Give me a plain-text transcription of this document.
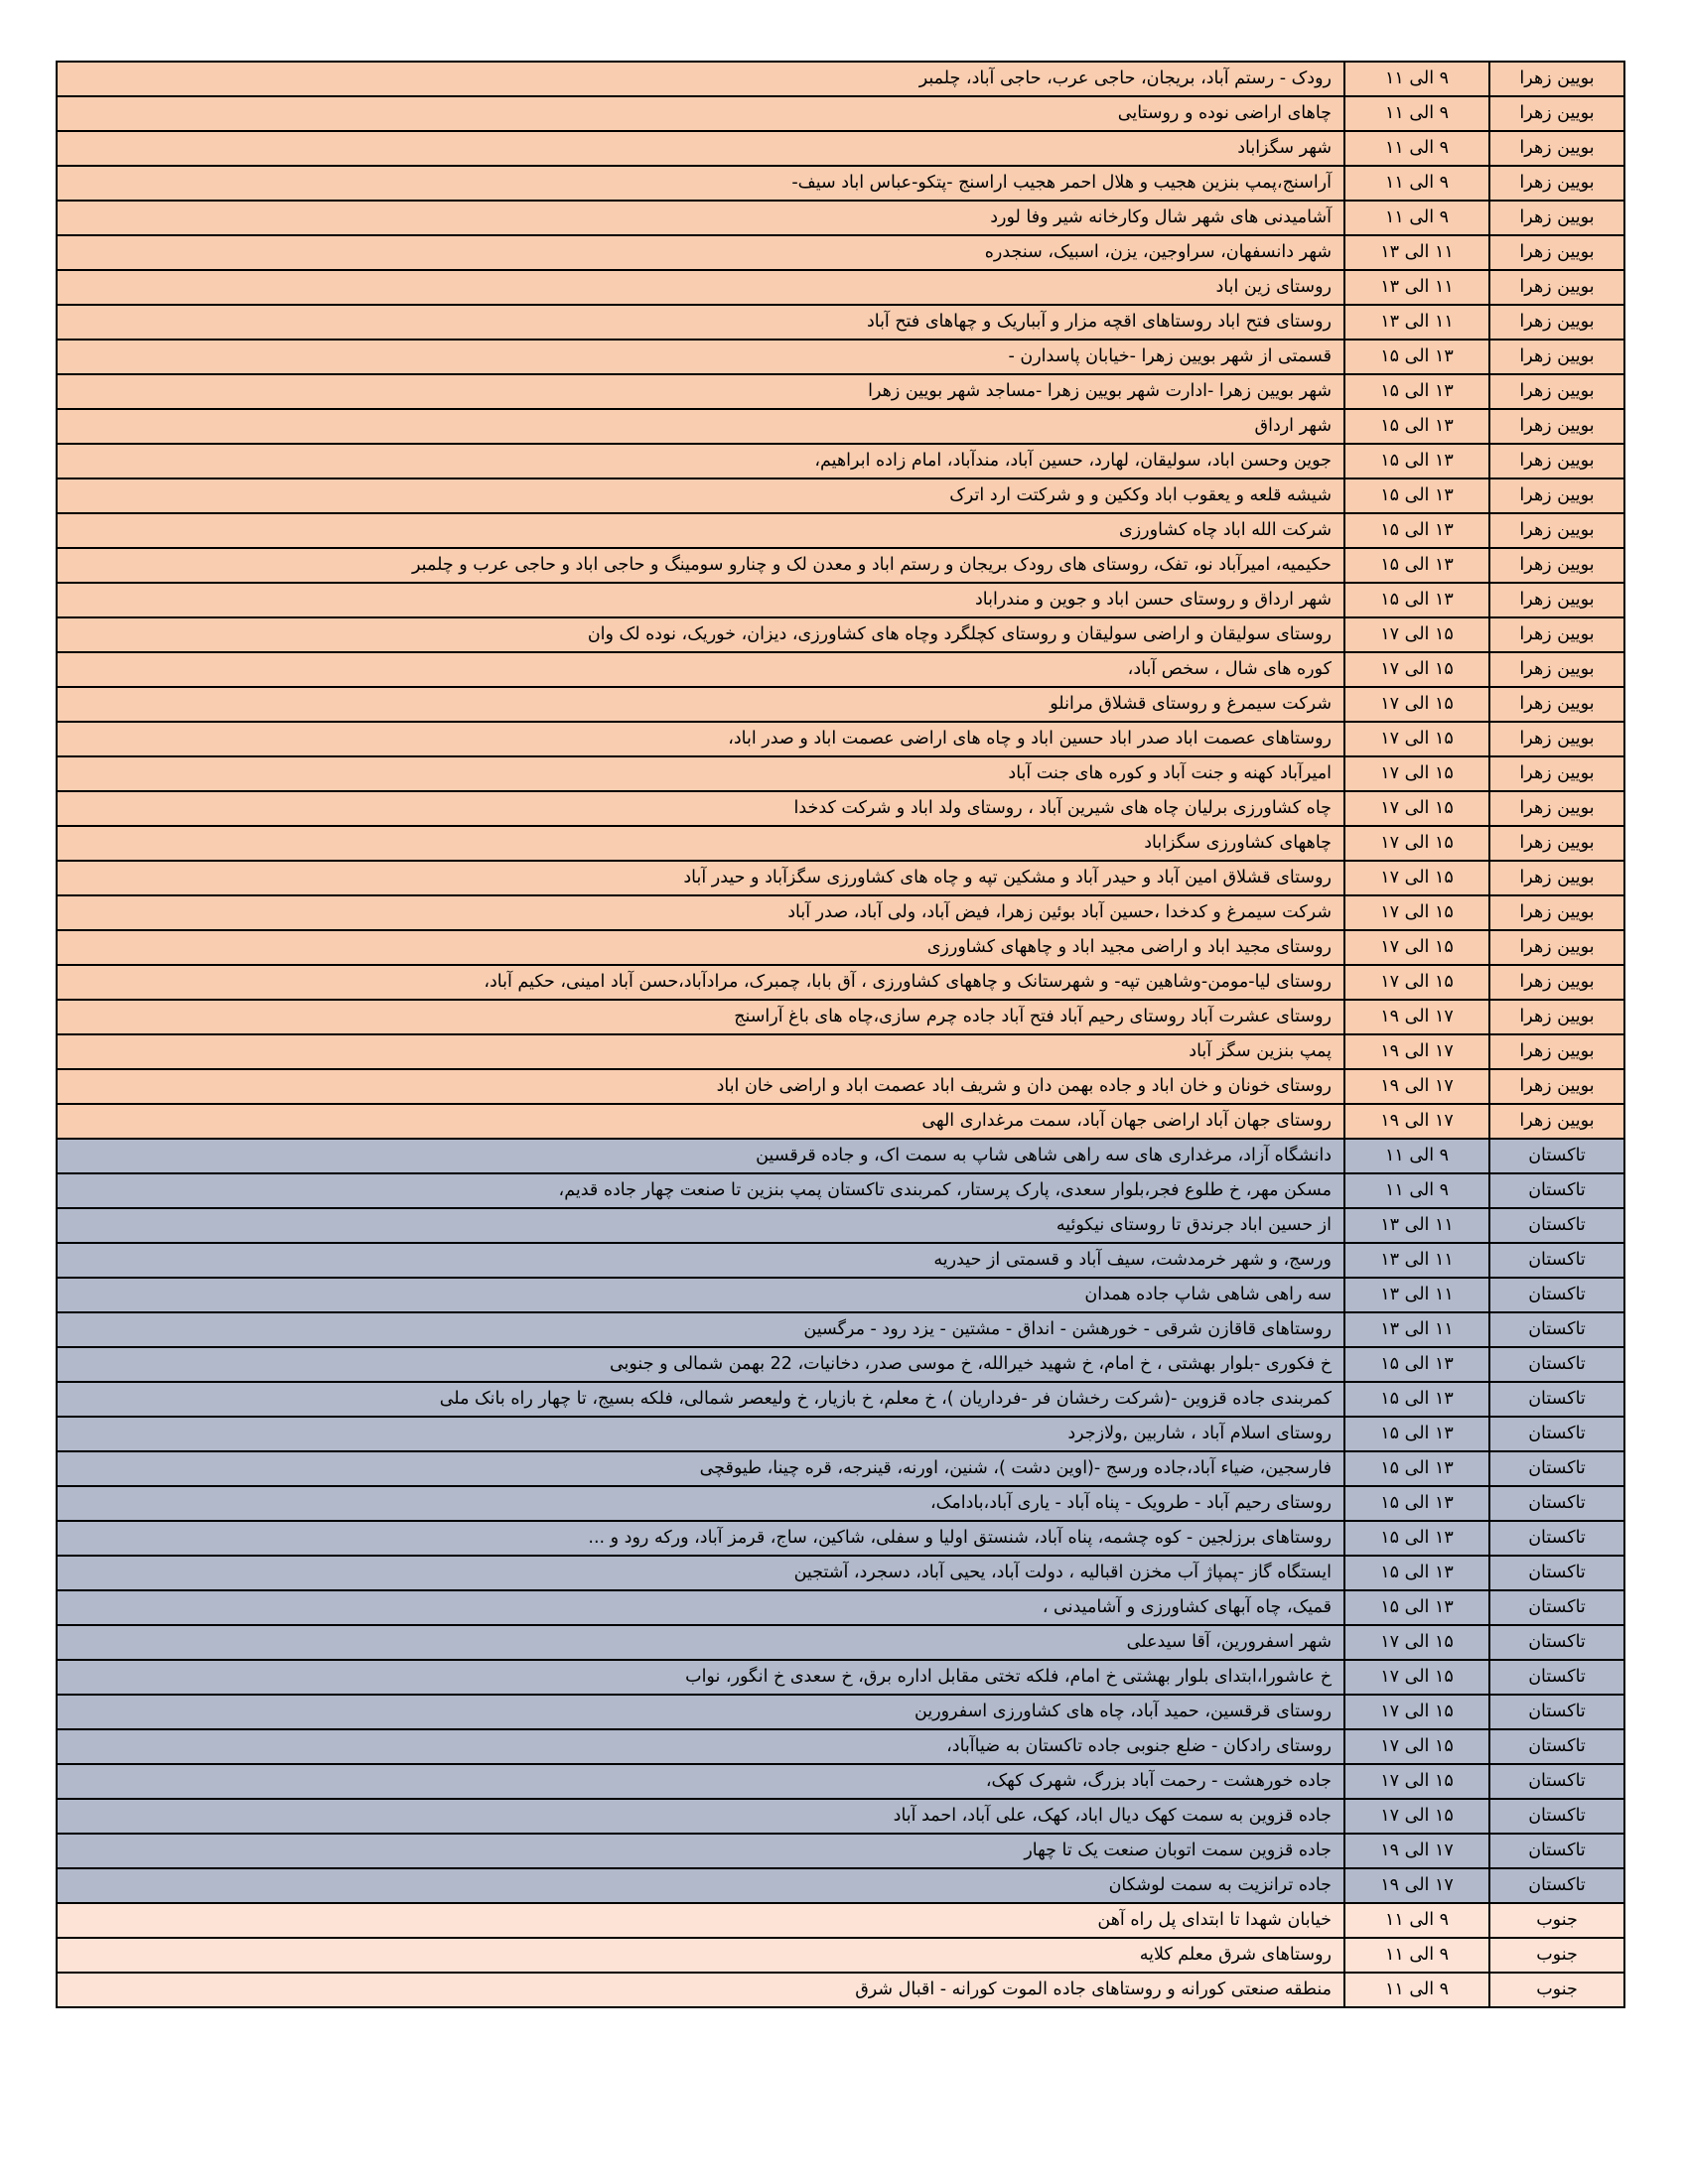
بویین زهرا	۹ الی ۱۱	رودک - رستم آباد، بریجان، حاجی عرب، حاجی آباد، چلمبر
بویین زهرا	۹ الی ۱۱	چاهای اراضی نوده و روستایی
بویین زهرا	۹ الی ۱۱	شهر سگزاباد
بویین زهرا	۹ الی ۱۱	آراسنج،پمپ بنزین هجیب و هلال احمر هجیب اراسنج -پتکو-عباس اباد سیف-
بویین زهرا	۹ الی ۱۱	آشامیدنی های شهر شال وکارخانه شیر وفا لورد
بویین زهرا	۱۱ الی ۱۳	شهر دانسفهان، سراوجین، یزن، اسبیک، سنجدره
بویین زهرا	۱۱ الی ۱۳	روستای زین اباد
بویین زهرا	۱۱ الی ۱۳	روستای فتح اباد روستاهای اقچه مزار و آبباریک و چهاهای فتح آباد
بویین زهرا	۱۳ الی ۱۵	قسمتی از شهر بویین زهرا -خیابان پاسدارن -
بویین زهرا	۱۳ الی ۱۵	شهر بویین زهرا -ادارت شهر بویین زهرا -مساجد شهر بویین زهرا
بویین زهرا	۱۳ الی ۱۵	شهر ارداق
بویین زهرا	۱۳ الی ۱۵	جوین وحسن اباد، سولیقان، لهارد، حسین آباد، مندآباد، امام زاده ابراهیم،
بویین زهرا	۱۳ الی ۱۵	شیشه قلعه و یعقوب اباد وککین و و شرکتت ارد اترک
بویین زهرا	۱۳ الی ۱۵	شرکت الله اباد چاه کشاورزی
بویین زهرا	۱۳ الی ۱۵	حکیمیه، امیرآباد نو، تفک، روستای های رودک بریجان و رستم اباد و معدن لک و چنارو سومینگ و حاجی اباد و حاجی عرب و چلمبر
بویین زهرا	۱۳ الی ۱۵	شهر ارداق و روستای حسن اباد و جوین و مندراباد
بویین زهرا	۱۵ الی ۱۷	روستای سولیقان و اراضی سولیقان و روستای کچلگرد وچاه های کشاورزی، دیزان، خوریک، نوده لک وان
بویین زهرا	۱۵ الی ۱۷	کوره های شال ، سخص آباد،
بویین زهرا	۱۵ الی ۱۷	شرکت سیمرغ و روستای قشلاق مرانلو
بویین زهرا	۱۵ الی ۱۷	روستاهای عصمت اباد صدر اباد حسین اباد و چاه های اراضی عصمت اباد و صدر اباد،
بویین زهرا	۱۵ الی ۱۷	امیرآباد کهنه و جنت آباد و کوره های جنت آباد
بویین زهرا	۱۵ الی ۱۷	چاه کشاورزی برلیان چاه های شیرین آباد ، روستای ولد اباد و شرکت کدخدا
بویین زهرا	۱۵ الی ۱۷	چاههای کشاورزی سگزاباد
بویین زهرا	۱۵ الی ۱۷	روستای قشلاق امین آباد و حیدر آباد و مشکین تپه و چاه های کشاورزی سگزآباد و حیدر آباد
بویین زهرا	۱۵ الی ۱۷	شرکت سیمرغ و کدخدا ،حسین آباد بوئین زهرا، فیض آباد، ولی آباد، صدر آباد
بویین زهرا	۱۵ الی ۱۷	روستای مجید اباد و اراضی مجید اباد و چاههای کشاورزی
بویین زهرا	۱۵ الی ۱۷	روستای لیا-مومن-وشاهین تپه- و شهرستانک و چاههای کشاورزی ، آق بابا، چمبرک، مرادآباد،حسن آباد امینی، حکیم آباد،
بویین زهرا	۱۷ الی ۱۹	روستای عشرت آباد روستای رحیم آباد فتح آباد جاده چرم سازی،چاه های باغ آراسنج
بویین زهرا	۱۷ الی ۱۹	پمپ بنزین سگز آباد
بویین زهرا	۱۷ الی ۱۹	روستای خونان و خان اباد و جاده بهمن دان و شریف اباد عصمت اباد و اراضی خان اباد
بویین زهرا	۱۷ الی ۱۹	روستای جهان آباد اراضی جهان آباد، سمت مرغداری الهی
تاکستان	۹ الی ۱۱	دانشگاه آزاد، مرغداری های سه راهی شاهی شاپ به سمت اک، و جاده قرقسین
تاکستان	۹ الی ۱۱	مسکن مهر، خ طلوع فجر،بلوار سعدی، پارک پرستار، کمربندی تاکستان پمپ بنزین تا صنعت چهار جاده قدیم،
تاکستان	۱۱ الی ۱۳	از حسین اباد جرندق تا روستای نیکوئیه
تاکستان	۱۱ الی ۱۳	ورسج، و شهر خرمدشت، سیف آباد و قسمتی از حیدریه
تاکستان	۱۱ الی ۱۳	سه راهی شاهی شاپ جاده همدان
تاکستان	۱۱ الی ۱۳	روستاهای قاقازن شرقی - خورهشن - انداق - مشتین - یزد رود - مرگسین
تاکستان	۱۳ الی ۱۵	خ فکوری -بلوار بهشتی ، خ امام، خ شهید خیرالله، خ موسی صدر، دخانیات، 22 بهمن شمالی و جنوبی
تاکستان	۱۳ الی ۱۵	کمربندی جاده قزوین -(شرکت رخشان فر -فرداریان )، خ معلم، خ بازیار، خ ولیعصر شمالی، فلکه بسیج، تا چهار راه بانک ملی
تاکستان	۱۳ الی ۱۵	روستای اسلام آباد ، شاربین ,ولازجرد
تاکستان	۱۳ الی ۱۵	فارسجین، ضیاء آباد،جاده ورسج -(اوین دشت )، شنین، اورنه، قینرجه، قره چینا، طیوقچی
تاکستان	۱۳ الی ۱۵	روستای رحیم آباد - طرویک - پناه آباد - یاری آباد،بادامک،
تاکستان	۱۳ الی ۱۵	روستاهای برزلجین - کوه چشمه، پناه آباد، شنستق اولیا و سفلی، شاکین، ساج، قرمز آباد، ورکه رود و ...
تاکستان	۱۳ الی ۱۵	ایستگاه گاز -پمپاژ آب مخزن اقبالیه ، دولت آباد، یحیی آباد، دسجرد، آشتجین
تاکستان	۱۳ الی ۱۵	قمیک، چاه آبهای کشاورزی و آشامیدنی ،
تاکستان	۱۵ الی ۱۷	شهر اسفرورین، آقا سیدعلی
تاکستان	۱۵ الی ۱۷	خ عاشورا،ابتدای بلوار بهشتی خ امام، فلکه تختی مقابل اداره برق، خ سعدی خ انگور، نواب
تاکستان	۱۵ الی ۱۷	روستای قرقسین، حمید آباد، چاه های کشاورزی اسفرورین
تاکستان	۱۵ الی ۱۷	روستای رادکان - ضلع جنوبی جاده تاکستان به ضیاآباد،
تاکستان	۱۵ الی ۱۷	جاده خورهشت - رحمت آباد بزرگ، شهرک کهک،
تاکستان	۱۵ الی ۱۷	جاده قزوین به سمت کهک دیال اباد، کهک، علی آباد، احمد آباد
تاکستان	۱۷ الی ۱۹	جاده قزوین سمت اتوبان صنعت یک تا چهار
تاکستان	۱۷ الی ۱۹	جاده ترانزیت به سمت لوشکان
جنوب	۹ الی ۱۱	خیابان شهدا تا ابتدای پل راه آهن
جنوب	۹ الی ۱۱	روستاهای شرق معلم کلایه
جنوب	۹ الی ۱۱	منطقه صنعتی کورانه و روستاهای جاده الموت کورانه - اقبال شرق
